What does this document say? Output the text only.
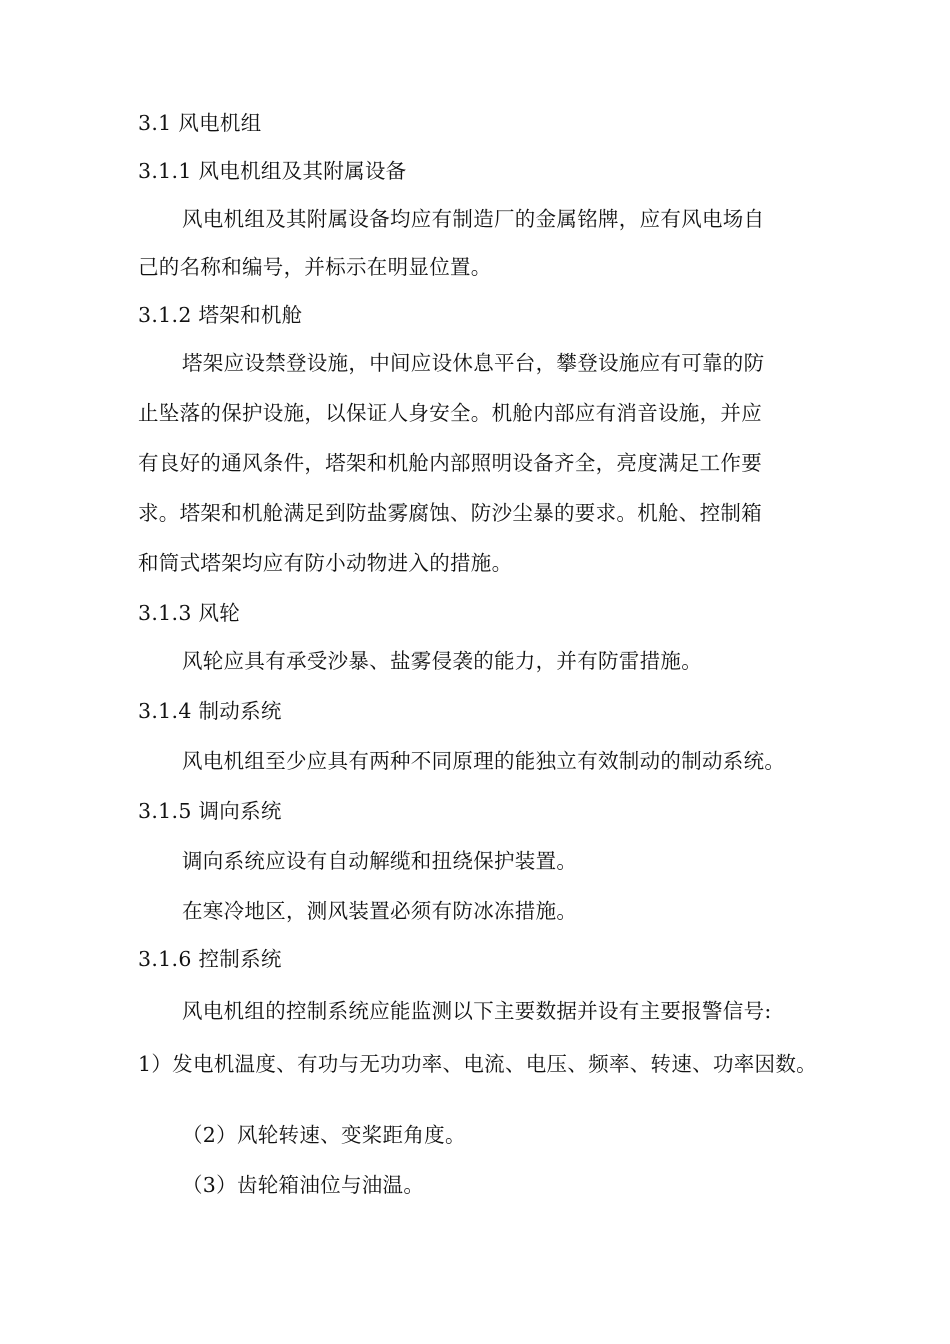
3.1 风电机组
3.1.1 风电机组及其附属设备
风电机组及其附属设备均应有制造厂的金属铭牌，应有风电场自
己的名称和编号，并标示在明显位置。
3.1.2 塔架和机舱
塔架应设禁登设施，中间应设休息平台，攀登设施应有可靠的防
止坠落的保护设施，以保证人身安全。机舱内部应有消音设施，并应
有良好的通风条件，塔架和机舱内部照明设备齐全，亮度满足工作要
求。塔架和机舱满足到防盐雾腐蚀、防沙尘暴的要求。机舱、控制箱
和筒式塔架均应有防小动物进入的措施。
3.1.3 风轮
风轮应具有承受沙暴、盐雾侵袭的能力，并有防雷措施。
3.1.4 制动系统
风电机组至少应具有两种不同原理的能独立有效制动的制动系统。
3.1.5 调向系统
调向系统应设有自动解缆和扭绕保护装置。
在寒冷地区，测风装置必须有防冰冻措施。
3.1.6 控制系统
风电机组的控制系统应能监测以下主要数据并设有主要报警信号:
1）发电机温度、有功与无功功率、电流、电压、频率、转速、功率因数。
（2）风轮转速、变桨距角度。
（3）齿轮箱油位与油温。
